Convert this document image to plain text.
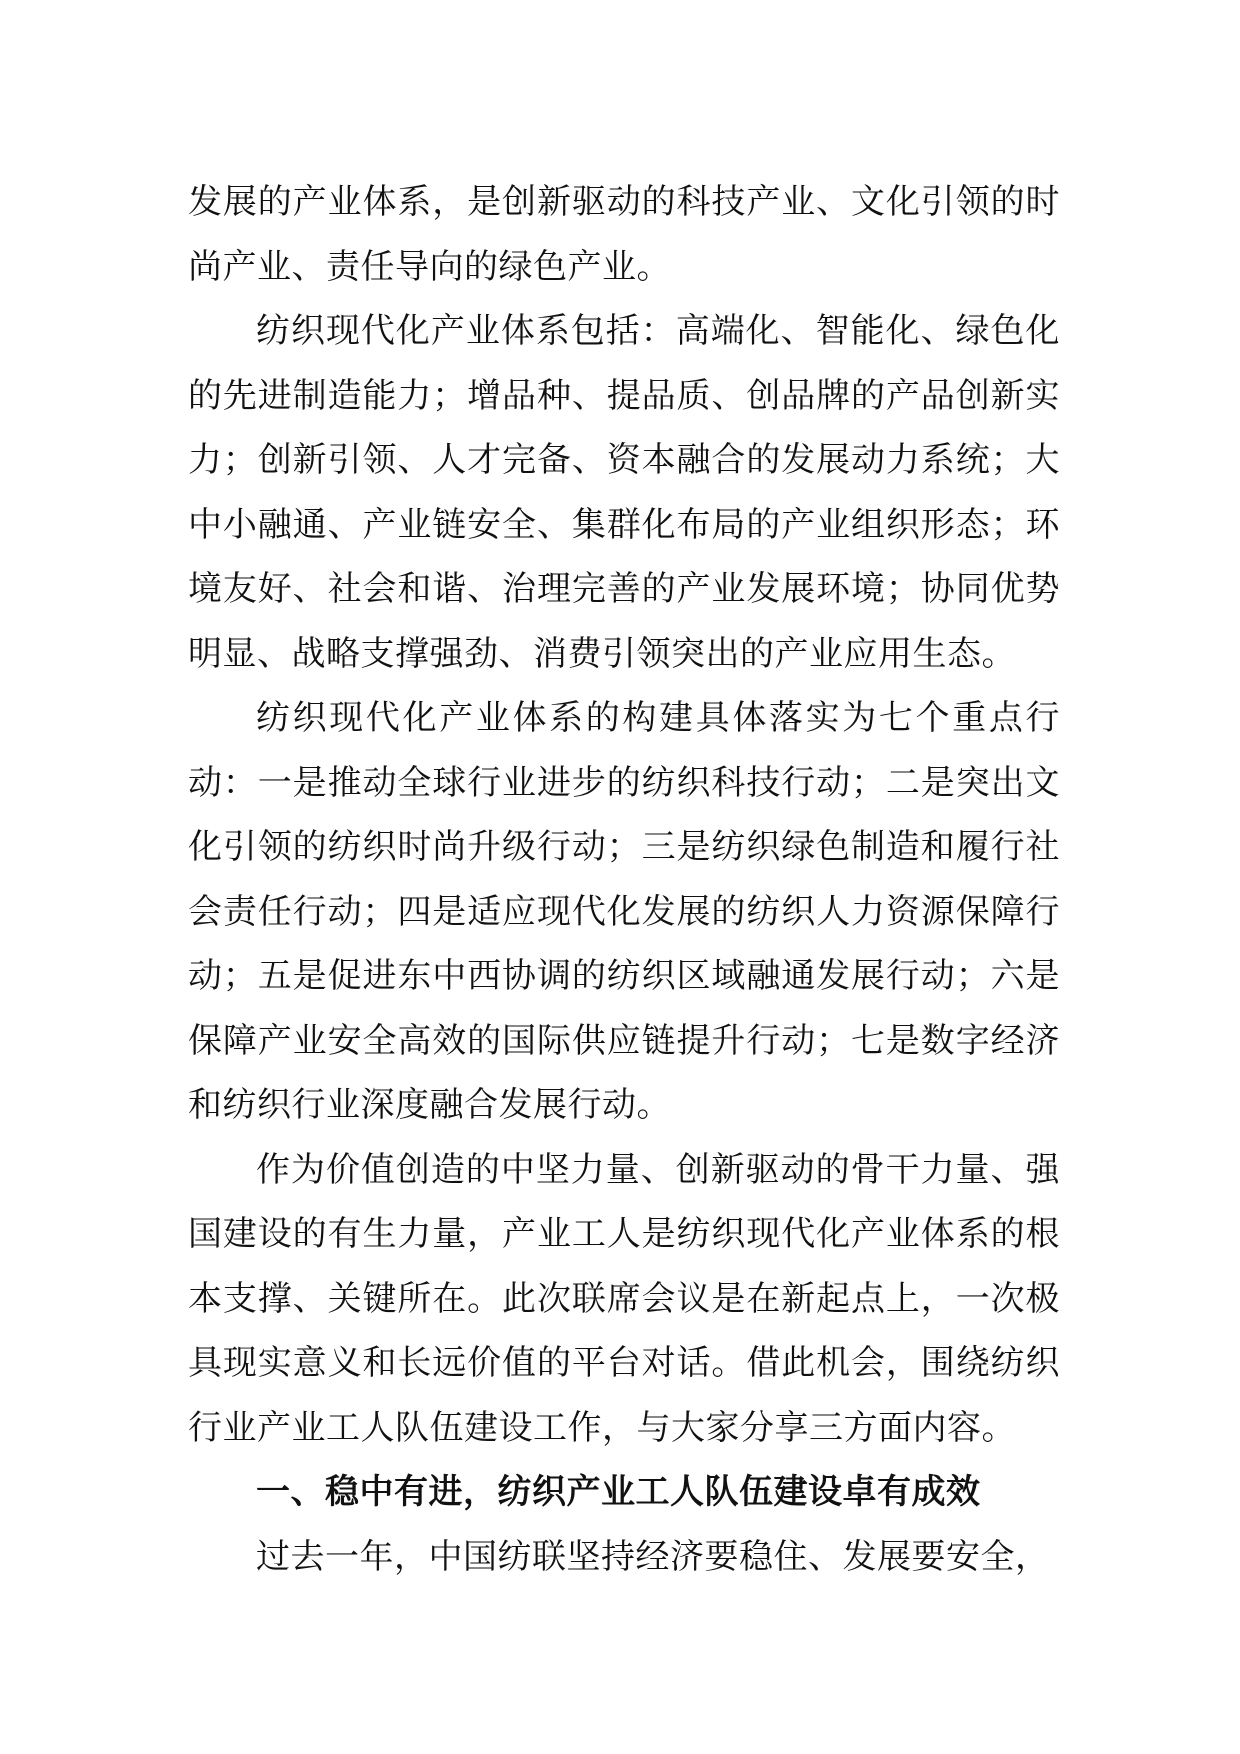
发展的产业体系，是创新驱动的科技产业、文化引领的时尚产业、责任导向的绿色产业。

纺织现代化产业体系包括：高端化、智能化、绿色化的先进制造能力；增品种、提品质、创品牌的产品创新实力；创新引领、人才完备、资本融合的发展动力系统；大中小融通、产业链安全、集群化布局的产业组织形态；环境友好、社会和谐、治理完善的产业发展环境；协同优势明显、战略支撑强劲、消费引领突出的产业应用生态。

纺织现代化产业体系的构建具体落实为七个重点行动：一是推动全球行业进步的纺织科技行动；二是突出文化引领的纺织时尚升级行动；三是纺织绿色制造和履行社会责任行动；四是适应现代化发展的纺织人力资源保障行动；五是促进东中西协调的纺织区域融通发展行动；六是保障产业安全高效的国际供应链提升行动；七是数字经济和纺织行业深度融合发展行动。

作为价值创造的中坚力量、创新驱动的骨干力量、强国建设的有生力量，产业工人是纺织现代化产业体系的根本支撑、关键所在。此次联席会议是在新起点上，一次极具现实意义和长远价值的平台对话。借此机会，围绕纺织行业产业工人队伍建设工作，与大家分享三方面内容。

一、稳中有进，纺织产业工人队伍建设卓有成效

过去一年，中国纺联坚持经济要稳住、发展要安全，
